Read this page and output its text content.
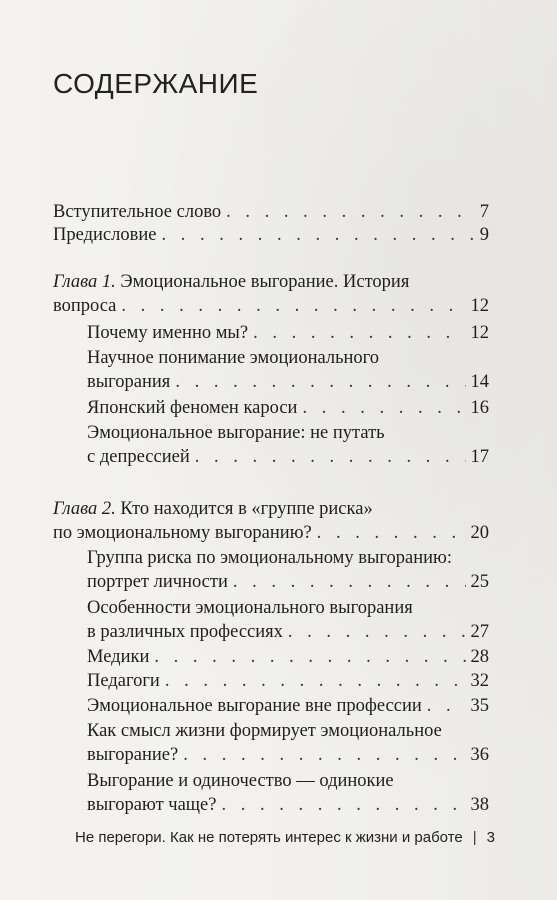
СОДЕРЖАНИЕ
Вступительное слово . . .	7
Предисловие . . .	9
Глава 1. Эмоциональное выгорание. История
вопроса . . .	12
Почему именно мы? . . .	12
Научное понимание эмоционального
выгорания . . .	14
Японский феномен кароси . . .	16
Эмоциональное выгорание: не путать
с депрессией . . .	17
Глава 2. Кто находится в «группе риска»
по эмоциональному выгоранию? . . .	20
Группа риска по эмоциональному выгоранию:
портрет личности . . .	25
Особенности эмоционального выгорания
в различных профессиях . . .	27
Медики . . .	28
Педагоги . . .	32
Эмоциональное выгорание вне профессии . . .	35
Как смысл жизни формирует эмоциональное
выгорание? . . .	36
Выгорание и одиночество — одинокие
выгорают чаще? . . .	38
Не перегори. Как не потерять интерес к жизни и работе | 3
